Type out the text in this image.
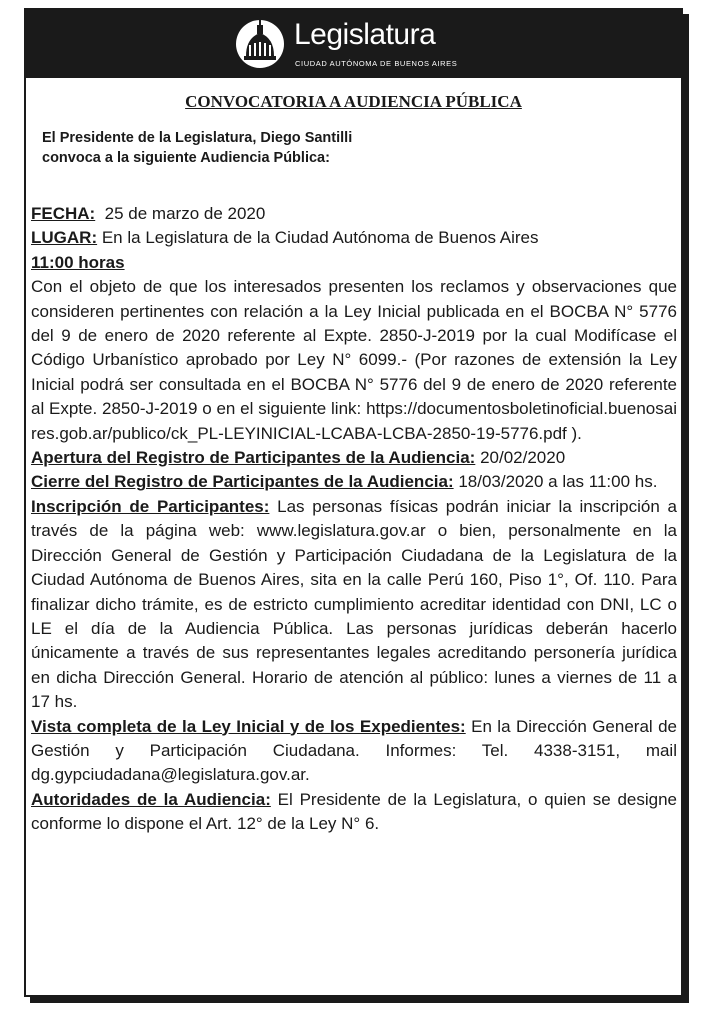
Legislatura
CIUDAD AUTÓNOMA DE BUENOS AIRES
CONVOCATORIA A AUDIENCIA PÚBLICA
El Presidente de la Legislatura, Diego Santilli
convoca a la siguiente Audiencia Pública:

FECHA: 25 de marzo de 2020

LUGAR: En la Legislatura de la Ciudad Autónoma de Buenos Aires

11:00 horas

Con el objeto de que los interesados presenten los reclamos y observaciones que consideren pertinentes con relación a la Ley Inicial publicada en el BOCBA N° 5776 del 9 de enero de 2020 referente al Expte. 2850-J-2019 por la cual Modifícase el Código Urbanístico aprobado por Ley N° 6099.- (Por razones de extensión la Ley Inicial podrá ser consultada en el BOCBA N° 5776 del 9 de enero de 2020 referente al Expte. 2850-J-2019 o en el siguiente link: https://documentosboletinoficial.buenosaires.gob.ar/publico/ck_PL-LEYINICIAL-LCABA-LCBA-2850-19-5776.pdf ).

Apertura del Registro de Participantes de la Audiencia: 20/02/2020

Cierre del Registro de Participantes de la Audiencia: 18/03/2020 a las 11:00 hs.

Inscripción de Participantes: Las personas físicas podrán iniciar la inscripción a través de la página web: www.legislatura.gov.ar o bien, personalmente en la Dirección General de Gestión y Participación Ciudadana de la Legislatura de la Ciudad Autónoma de Buenos Aires, sita en la calle Perú 160, Piso 1°, Of. 110. Para finalizar dicho trámite, es de estricto cumplimiento acreditar identidad con DNI, LC o LE el día de la Audiencia Pública. Las personas jurídicas deberán hacerlo únicamente a través de sus representantes legales acreditando personería jurídica en dicha Dirección General. Horario de atención al público: lunes a viernes de 11 a 17 hs.

Vista completa de la Ley Inicial y de los Expedientes: En la Dirección General de Gestión y Participación Ciudadana. Informes: Tel. 4338-3151, mail dg.gypciudadana@legislatura.gov.ar.

Autoridades de la Audiencia: El Presidente de la Legislatura, o quien se designe conforme lo dispone el Art. 12° de la Ley N° 6.
